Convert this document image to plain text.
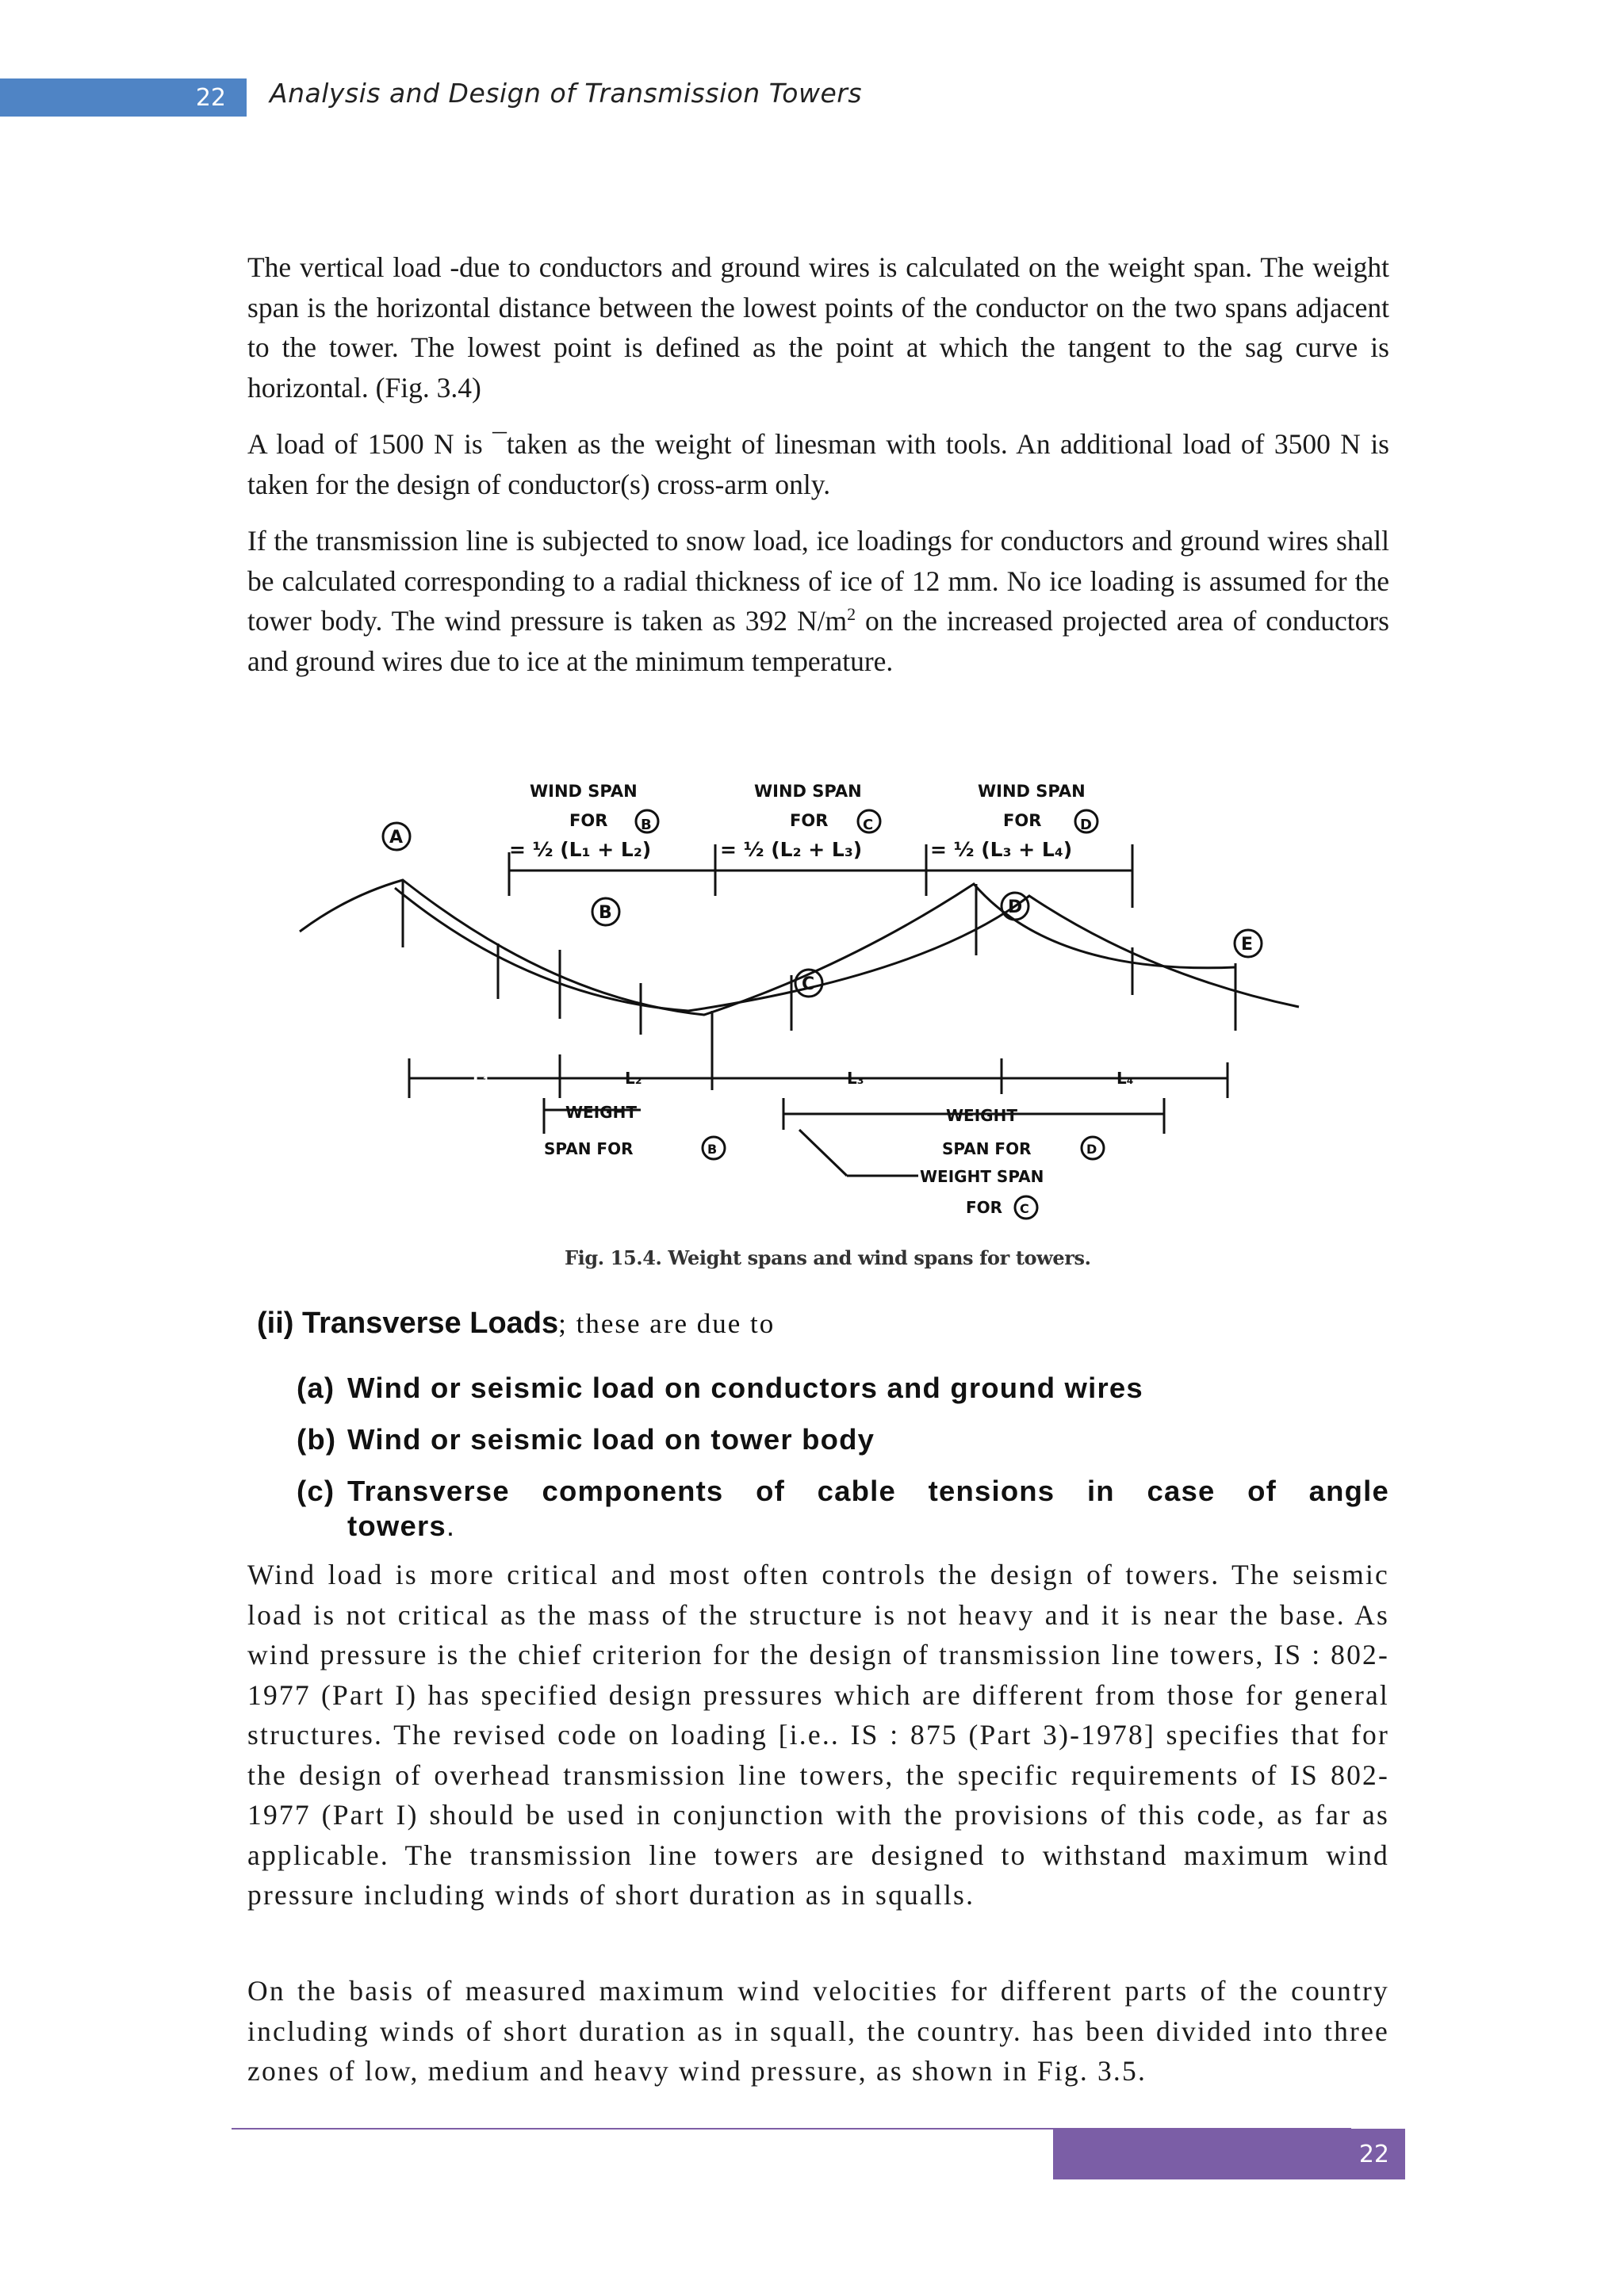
22	Analysis and Design of Transmission Towers

The vertical load -due to conductors and ground wires is calculated on the weight span. The weight span is the horizontal distance between the lowest points of the conductor on the two spans adjacent to the tower. The lowest point is defined as the point at which the tangent to the sag curve is horizontal. (Fig. 3.4)

A load of 1500 N is ¯taken as the weight of linesman with tools. An additional load of 3500 N is taken for the design of conductor(s) cross-arm only.

If the transmission line is subjected to snow load, ice loadings for conductors and ground wires shall be calculated corresponding to a radial thickness of ice of 12 mm. No ice loading is assumed for the tower body. The wind pressure is taken as 392 $N/m^2$ on the increased projected area of conductors and ground wires due to ice at the minimum temperature.

WIND SPAN	WIND SPAN	WIND SPAN
FOR	FOR	FOR
= ½ (L₁ + L₂)	= ½ (L₂ + L₃)	= ½ (L₃ + L₄)
A
B
C
D
E
B	C	D
L₁	L₂	L₃	L₄
WEIGHT	WEIGHT
SPAN FOR	SPAN FOR
B	D
WEIGHT SPAN
FOR C
Fig. 15.4. Weight spans and wind spans for towers.
(ii) Transverse Loads; these are due to
(a) Wind or seismic load on conductors and ground wires
(b) Wind or seismic load on tower body
(c) Transverse components of cable tensions in case of angle towers.

Wind load is more critical and most often controls the design of towers. The seismic load is not critical as the mass of the structure is not heavy and it is near the base. As wind pressure is the chief criterion for the design of transmission line towers, IS : 802-1977 (Part I) has specified design pressures which are different from those for general structures. The revised code on loading [i.e.. IS : 875 (Part 3)-1978] specifies that for the design of overhead transmission line towers, the specific requirements of IS 802-1977 (Part I) should be used in conjunction with the provisions of this code, as far as applicable. The transmission line towers are designed to withstand maximum wind pressure including winds of short duration as in squalls.

On the basis of measured maximum wind velocities for different parts of the country including winds of short duration as in squall, the country. has been divided into three zones of low, medium and heavy wind pressure, as shown in Fig. 3.5.

22
